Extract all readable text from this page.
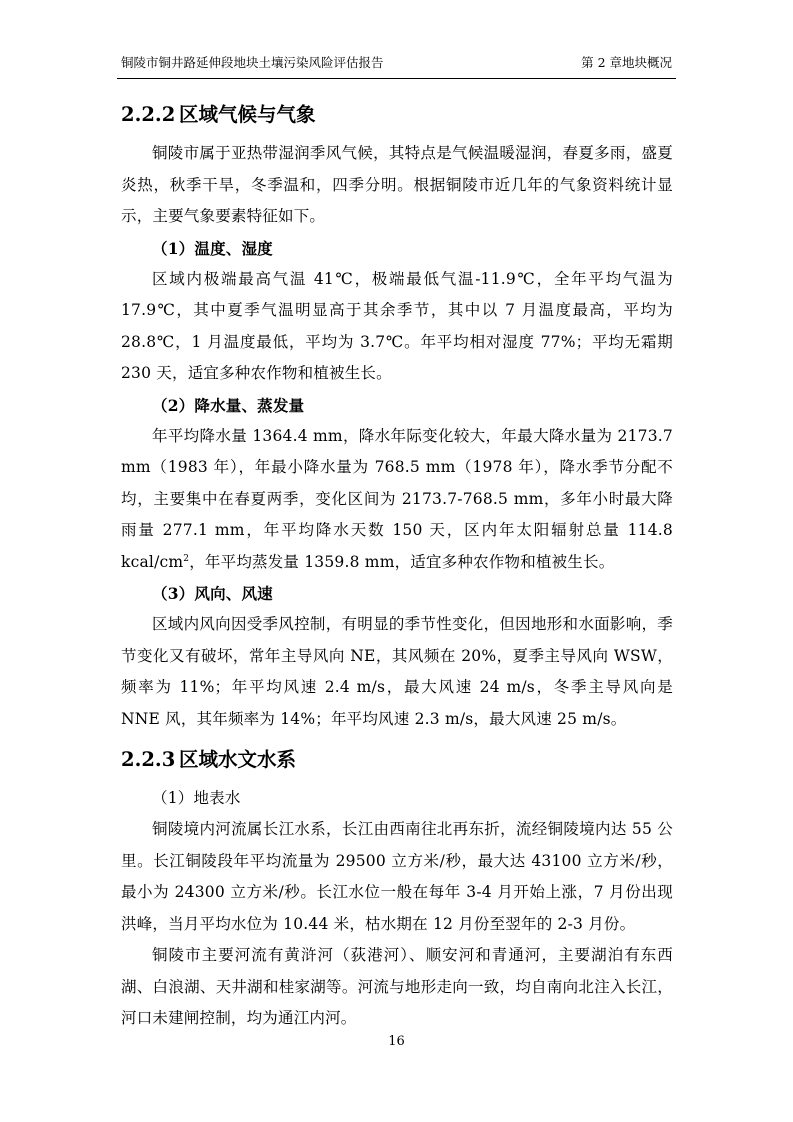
铜陵市铜井路延伸段地块土壤污染风险评估报告	第 2 章地块概况
2.2.2 区域气候与气象

铜陵市属于亚热带湿润季风气候，其特点是气候温暖湿润，春夏多雨，盛夏炎热，秋季干旱，冬季温和，四季分明。根据铜陵市近几年的气象资料统计显示，主要气象要素特征如下。

（1）温度、湿度

区域内极端最高气温 41℃，极端最低气温-11.9℃，全年平均气温为 17.9℃，其中夏季气温明显高于其余季节，其中以 7 月温度最高，平均为 28.8℃，1 月温度最低，平均为 3.7℃。年平均相对湿度 77%；平均无霜期 230 天，适宜多种农作物和植被生长。

（2）降水量、蒸发量

年平均降水量 1364.4 mm，降水年际变化较大，年最大降水量为 2173.7 mm（1983 年），年最小降水量为 768.5 mm（1978 年），降水季节分配不均，主要集中在春夏两季，变化区间为 2173.7-768.5 mm，多年小时最大降雨量 277.1 mm，年平均降水天数 150 天，区内年太阳辐射总量 114.8 kcal/$cm^2$，年平均蒸发量 1359.8 mm，适宜多种农作物和植被生长。

（3）风向、风速

区域内风向因受季风控制，有明显的季节性变化，但因地形和水面影响，季节变化又有破坏，常年主导风向 NE，其风频在 20%，夏季主导风向 WSW，频率为 11%；年平均风速 2.4 m/s，最大风速 24 m/s，冬季主导风向是 NNE 风，其年频率为 14%；年平均风速 2.3 m/s，最大风速 25 m/s。

2.2.3 区域水文水系

（1）地表水

铜陵境内河流属长江水系，长江由西南往北再东折，流经铜陵境内达 55 公里。长江铜陵段年平均流量为 29500 立方米/秒，最大达 43100 立方米/秒，最小为 24300 立方米/秒。长江水位一般在每年 3-4 月开始上涨，7 月份出现洪峰，当月平均水位为 10.44 米，枯水期在 12 月份至翌年的 2-3 月份。

铜陵市主要河流有黄浒河（荻港河）、顺安河和青通河，主要湖泊有东西湖、白浪湖、天井湖和桂家湖等。河流与地形走向一致，均自南向北注入长江，河口未建闸控制，均为通江内河。

16
